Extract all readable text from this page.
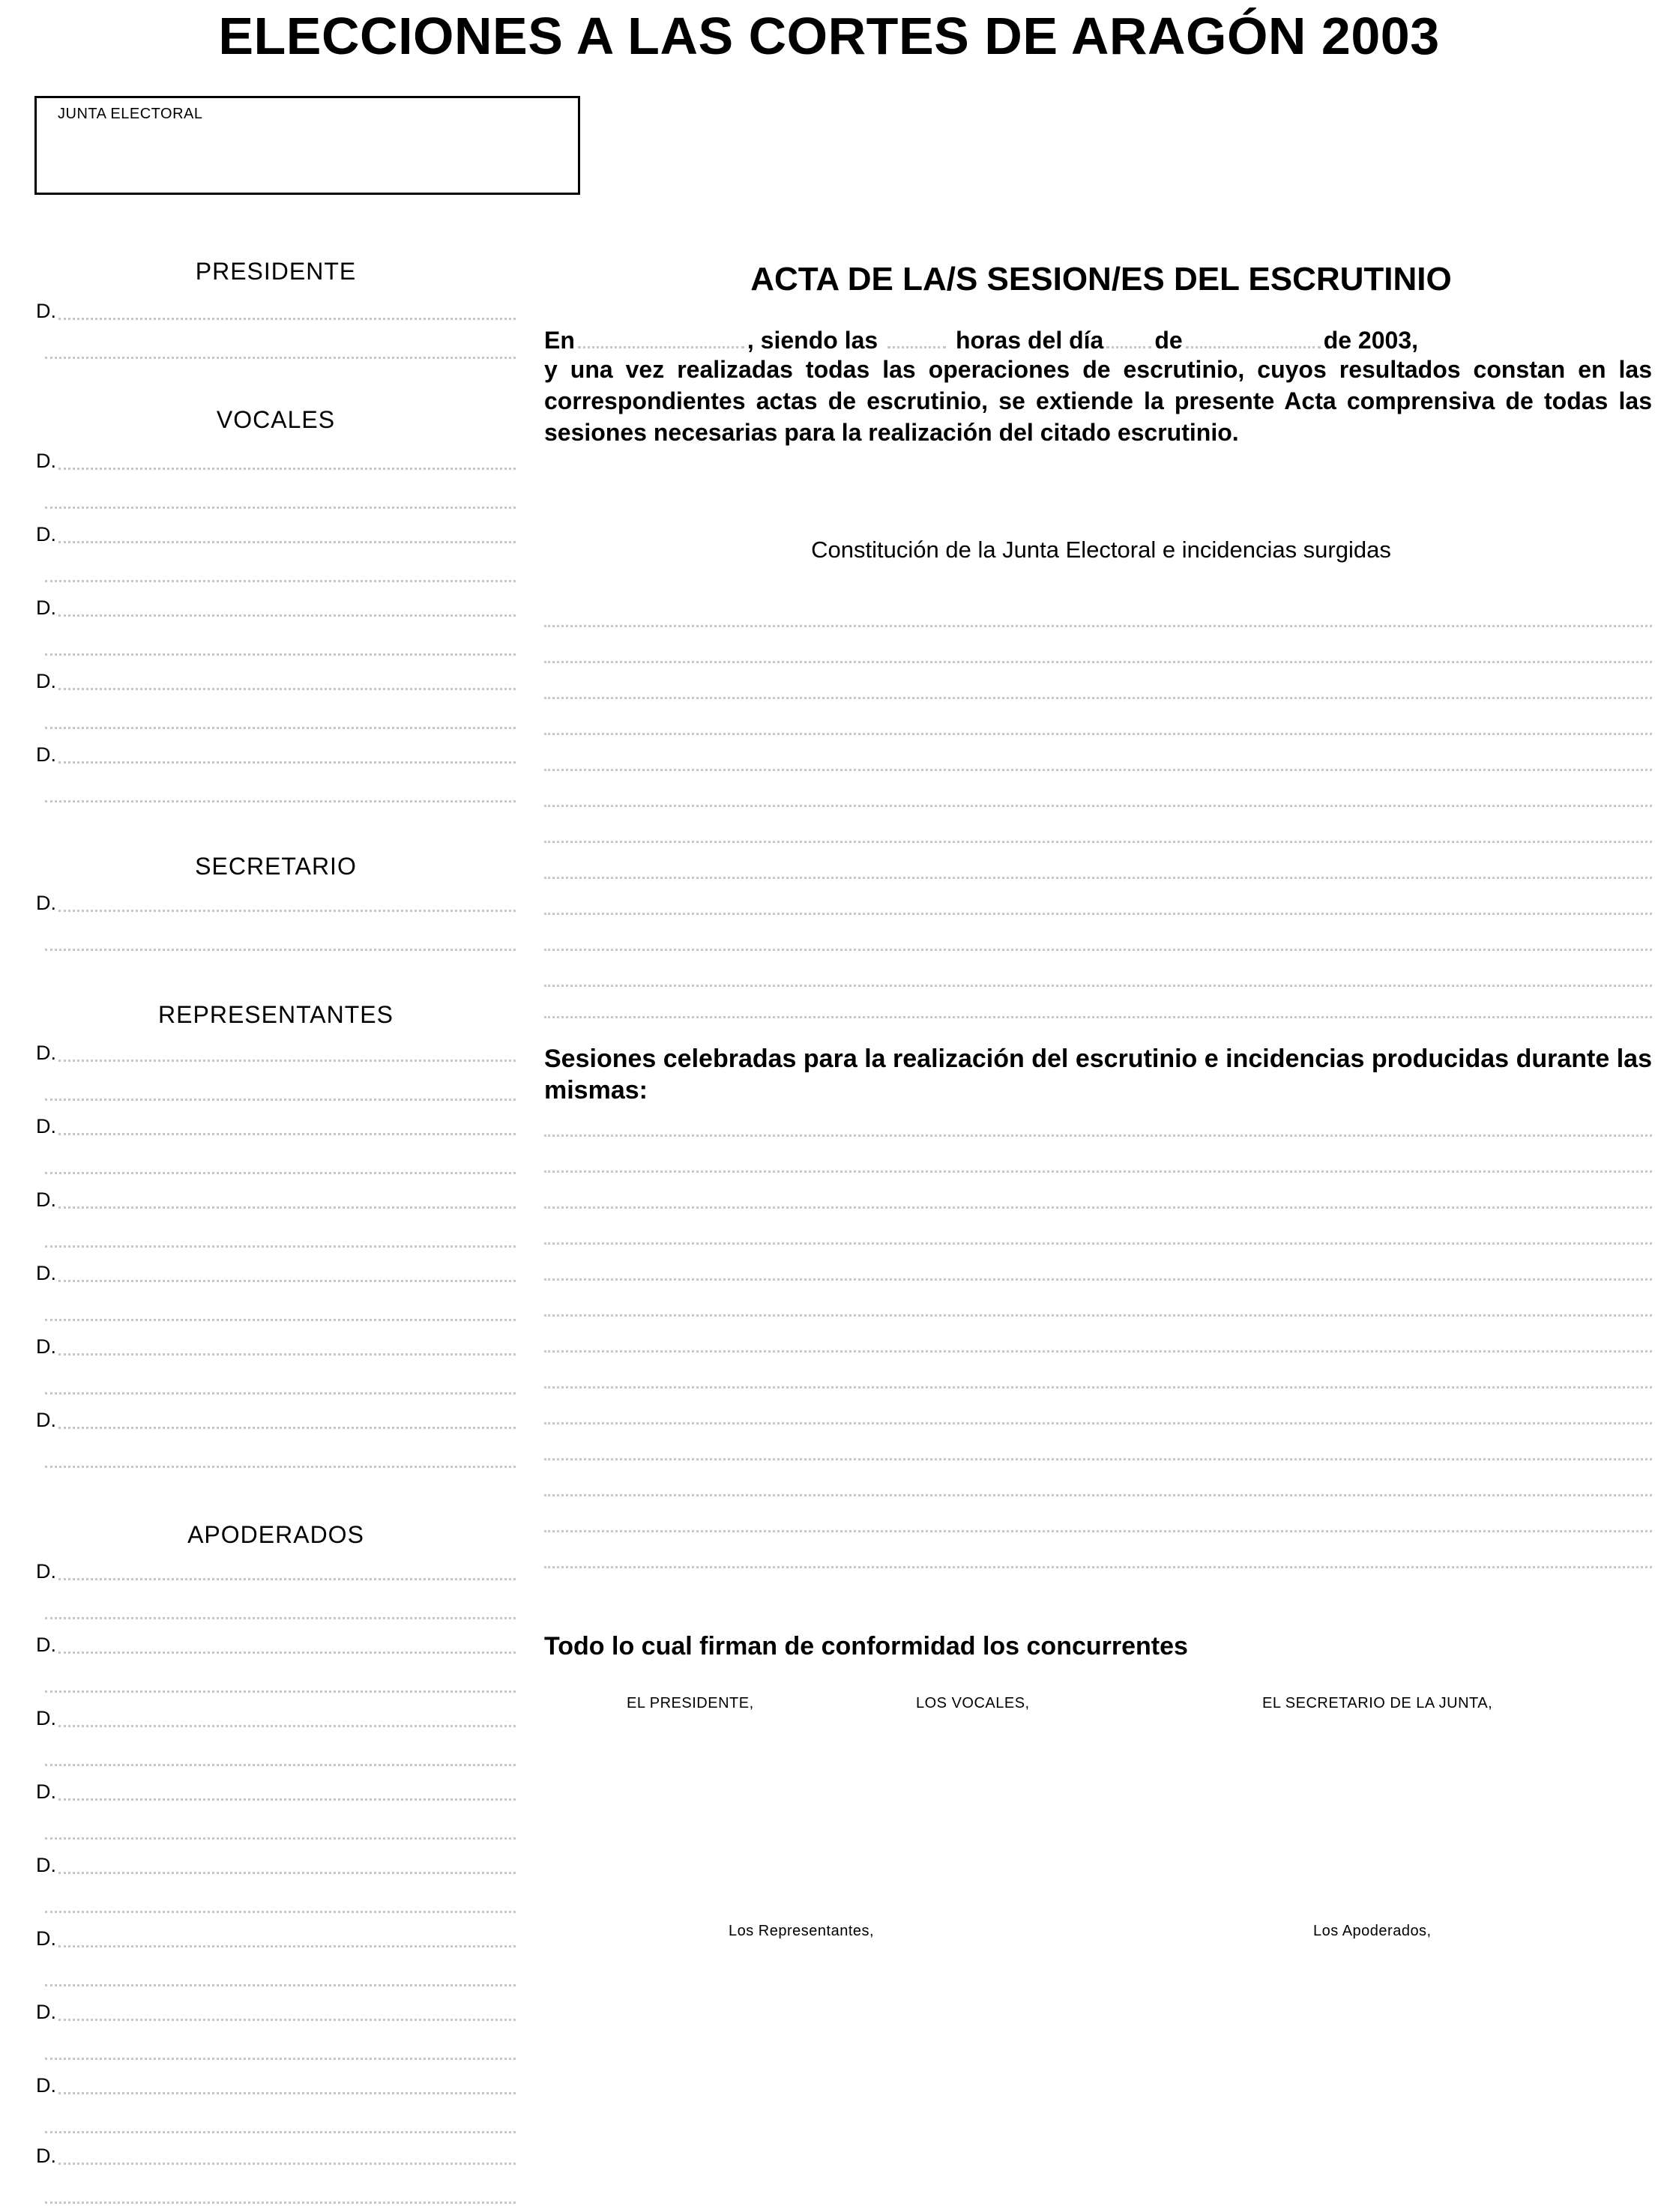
ELECCIONES A LAS CORTES DE ARAGÓN 2003
JUNTA ELECTORAL
PRESIDENTE
D.
VOCALES
D.
D.
D.
D.
D.
SECRETARIO
D.
REPRESENTANTES
D.
D.
D.
D.
D.
D.
APODERADOS
D.
D.
D.
D.
D.
D.
D.
D.
D.
ACTA DE LA/S SESION/ES DEL ESCRUTINIO
En	, siendo las	horas del día de	de 2003,
y una vez realizadas todas las operaciones de escrutinio, cuyos resultados constan en las correspondientes actas de escrutinio, se extiende la presente Acta comprensiva de todas las sesiones necesarias para la realización del citado escrutinio.
Constitución de la Junta Electoral e incidencias surgidas
Sesiones celebradas para la realización del escrutinio e incidencias producidas durante las mismas:
Todo lo cual firman de conformidad los concurrentes
EL PRESIDENTE,	LOS VOCALES,	EL SECRETARIO DE LA JUNTA,
Los Representantes,	Los Apoderados,
